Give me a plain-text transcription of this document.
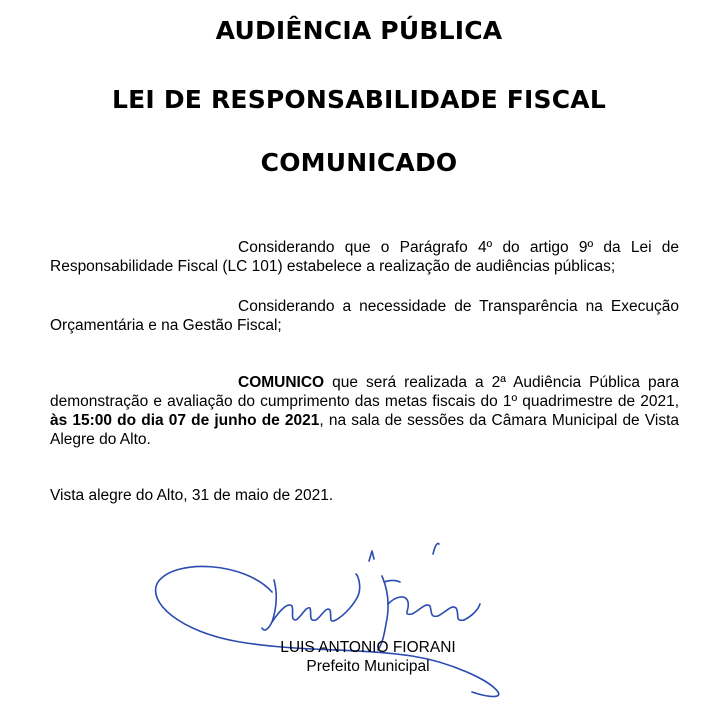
AUDIÊNCIA PÚBLICA
LEI DE RESPONSABILIDADE FISCAL
COMUNICADO

Considerando que o Parágrafo 4º do artigo 9º da Lei de Responsabilidade Fiscal (LC 101) estabelece a realização de audiências públicas;

Considerando a necessidade de Transparência na Execução Orçamentária e na Gestão Fiscal;

COMUNICO que será realizada a 2ª Audiência Pública para demonstração e avaliação do cumprimento das metas fiscais do 1º quadrimestre de 2021, às 15:00 do dia 07 de junho de 2021, na sala de sessões da Câmara Municipal de Vista Alegre do Alto.

Vista alegre do Alto, 31 de maio de 2021.

LUIS ANTONIO FIORANI

Prefeito Municipal
